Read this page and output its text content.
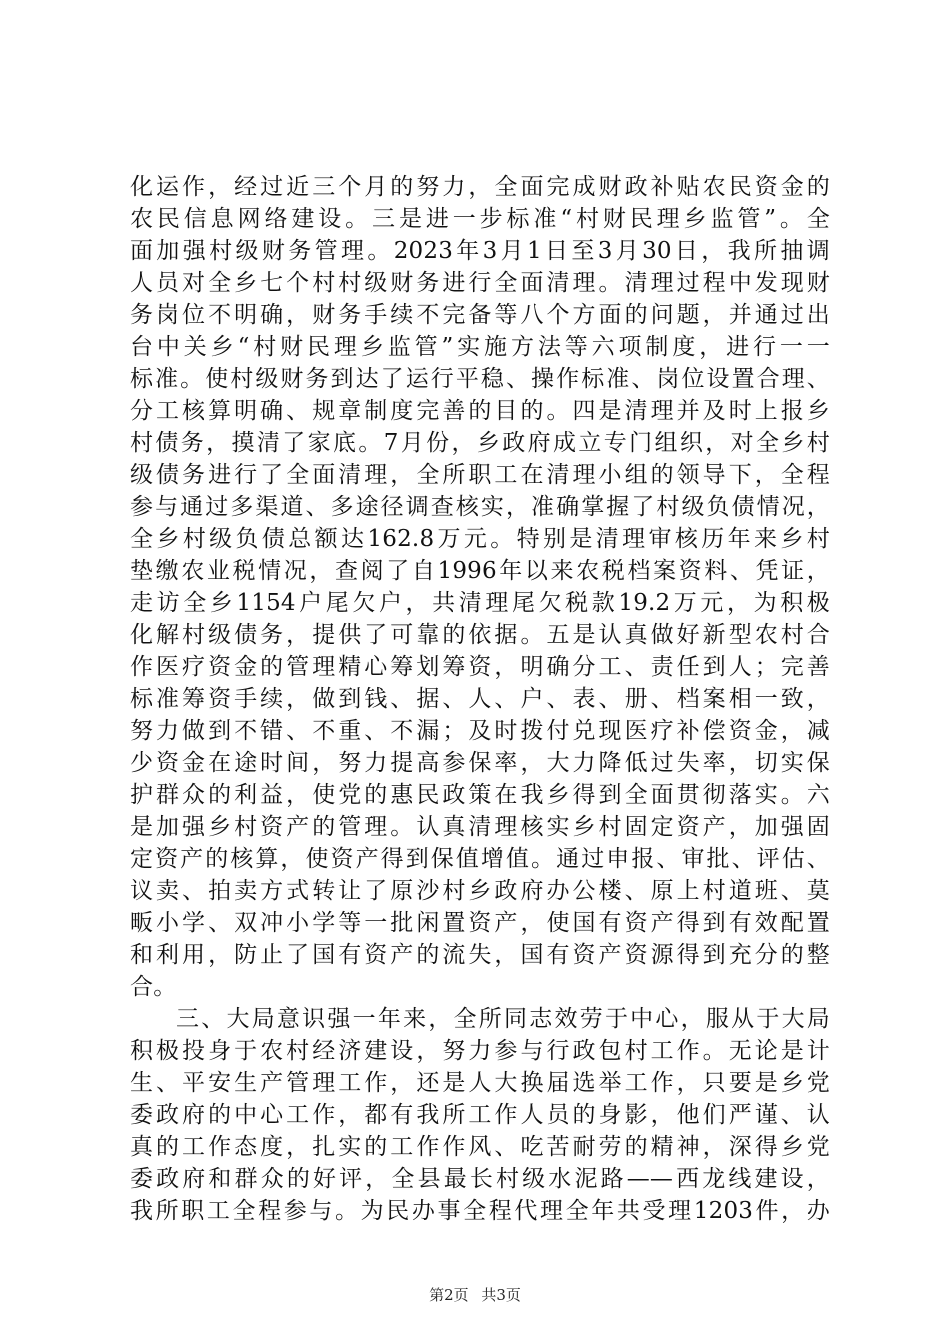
化运作，经过近三个月的努力，全面完成财政补贴农民资金的
农民信息网络建设。三是进一步标准“村财民理乡监管”。全
面加强村级财务管理。2023年3月1日至3月30日，我所抽调
人员对全乡七个村村级财务进行全面清理。清理过程中发现财
务岗位不明确，财务手续不完备等八个方面的问题，并通过出
台中关乡“村财民理乡监管”实施方法等六项制度，进行一一
标准。使村级财务到达了运行平稳、操作标准、岗位设置合理、
分工核算明确、规章制度完善的目的。四是清理并及时上报乡
村债务，摸清了家底。7月份，乡政府成立专门组织，对全乡村
级债务进行了全面清理，全所职工在清理小组的领导下，全程
参与通过多渠道、多途径调查核实，准确掌握了村级负债情况，
全乡村级负债总额达162.8万元。特别是清理审核历年来乡村
垫缴农业税情况，查阅了自1996年以来农税档案资料、凭证，
走访全乡1154户尾欠户，共清理尾欠税款19.2万元，为积极
化解村级债务，提供了可靠的依据。五是认真做好新型农村合
作医疗资金的管理精心筹划筹资，明确分工、责任到人；完善
标准筹资手续，做到钱、据、人、户、表、册、档案相一致，
努力做到不错、不重、不漏；及时拨付兑现医疗补偿资金，减
少资金在途时间，努力提高参保率，大力降低过失率，切实保
护群众的利益，使党的惠民政策在我乡得到全面贯彻落实。六
是加强乡村资产的管理。认真清理核实乡村固定资产，加强固
定资产的核算，使资产得到保值增值。通过申报、审批、评估、
议卖、拍卖方式转让了原沙村乡政府办公楼、原上村道班、莫
畈小学、双冲小学等一批闲置资产，使国有资产得到有效配置
和利用，防止了国有资产的流失，国有资产资源得到充分的整
合。
三、大局意识强一年来，全所同志效劳于中心，服从于大局
积极投身于农村经济建设，努力参与行政包村工作。无论是计
生、平安生产管理工作，还是人大换届选举工作，只要是乡党
委政府的中心工作，都有我所工作人员的身影，他们严谨、认
真的工作态度，扎实的工作作风、吃苦耐劳的精神，深得乡党
委政府和群众的好评，全县最长村级水泥路——西龙线建设，
我所职工全程参与。为民办事全程代理全年共受理1203件，办
第2页 共3页
